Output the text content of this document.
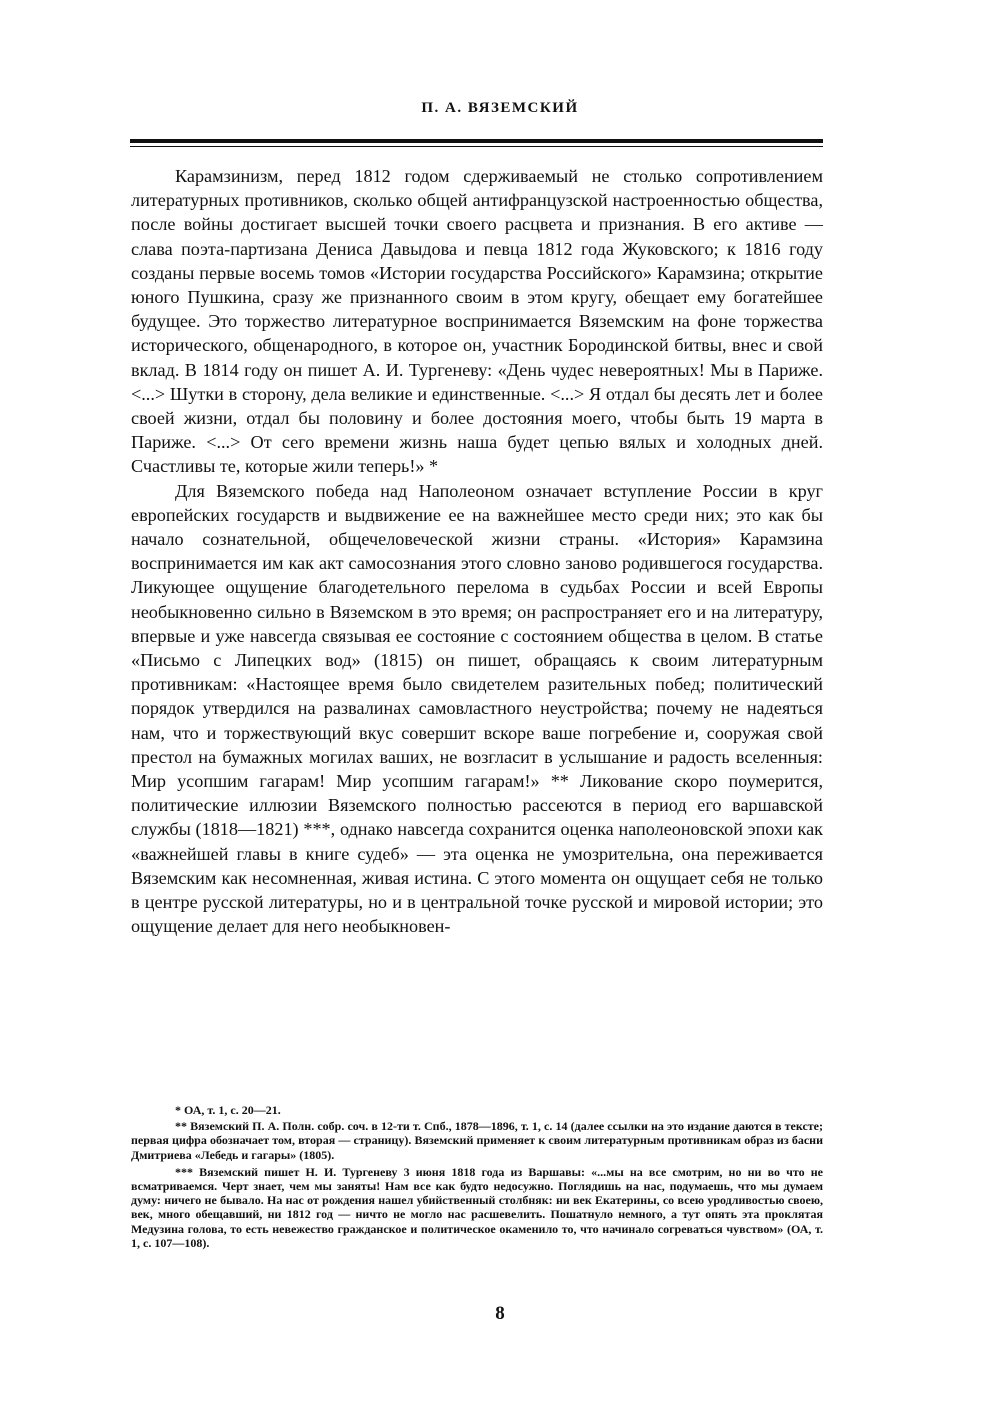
П. А. ВЯЗЕМСКИЙ

Карамзинизм, перед 1812 годом сдерживаемый не столько сопротивлением литературных противников, сколько общей антифранцузской настроенностью общества, после войны достигает высшей точки своего расцвета и признания. В его активе — слава поэта-партизана Дениса Давыдова и певца 1812 года Жуковского; к 1816 году созданы первые восемь томов «Истории государства Российского» Карамзина; открытие юного Пушкина, сразу же признанного своим в этом кругу, обещает ему богатейшее будущее. Это торжество литературное воспринимается Вяземским на фоне торжества исторического, общенародного, в которое он, участник Бородинской битвы, внес и свой вклад. В 1814 году он пишет А. И. Тургеневу: «День чудес невероятных! Мы в Париже. <...> Шутки в сторону, дела великие и единственные. <...> Я отдал бы десять лет и более своей жизни, отдал бы половину и более достояния моего, чтобы быть 19 марта в Париже. <...> От сего времени жизнь наша будет цепью вялых и холодных дней. Счастливы те, которые жили теперь!» *

Для Вяземского победа над Наполеоном означает вступление России в круг европейских государств и выдвижение ее на важнейшее место среди них; это как бы начало сознательной, общечеловеческой жизни страны. «История» Карамзина воспринимается им как акт самосознания этого словно заново родившегося государства. Ликующее ощущение благодетельного перелома в судьбах России и всей Европы необыкновенно сильно в Вяземском в это время; он распространяет его и на литературу, впервые и уже навсегда связывая ее состояние с состоянием общества в целом. В статье «Письмо с Липецких вод» (1815) он пишет, обращаясь к своим литературным противникам: «Настоящее время было свидетелем разительных побед; политический порядок утвердился на развалинах самовластного неустройства; почему не надеяться нам, что и торжествующий вкус совершит вскоре ваше погребение и, сооружая свой престол на бумажных могилах ваших, не возгласит в услышание и радость вселенныя: Мир усопшим гагарам! Мир усопшим гагарам!» ** Ликование скоро поумерится, политические иллюзии Вяземского полностью рассеются в период его варшавской службы (1818—1821) ***, однако навсегда сохранится оценка наполеоновской эпохи как «важнейшей главы в книге судеб» — эта оценка не умозрительна, она переживается Вяземским как несомненная, живая истина. С этого момента он ощущает себя не только в центре русской литературы, но и в центральной точке русской и мировой истории; это ощущение делает для него необыкновен-

* ОА, т. 1, с. 20—21.

** Вяземский П. А. Полн. собр. соч. в 12-ти т. Спб., 1878—1896, т. 1, с. 14 (далее ссылки на это издание даются в тексте; первая цифра обозначает том, вторая — страницу). Вяземский применяет к своим литературным противникам образ из басни Дмитриева «Лебедь и гагары» (1805).

*** Вяземский пишет Н. И. Тургеневу 3 июня 1818 года из Варшавы: «...мы на все смотрим, но ни во что не всматриваемся. Черт знает, чем мы заняты! Нам все как будто недосужно. Поглядишь на нас, подумаешь, что мы думаем думу: ничего не бывало. На нас от рождения нашел убийственный столбняк: ни век Екатерины, со всею уродливостью своею, век, много обещавший, ни 1812 год — ничто не могло нас расшевелить. Пошатнуло немного, а тут опять эта проклятая Медузина голова, то есть невежество гражданское и политическое окаменило то, что начинало согреваться чувством» (ОА, т. 1, с. 107—108).

8
